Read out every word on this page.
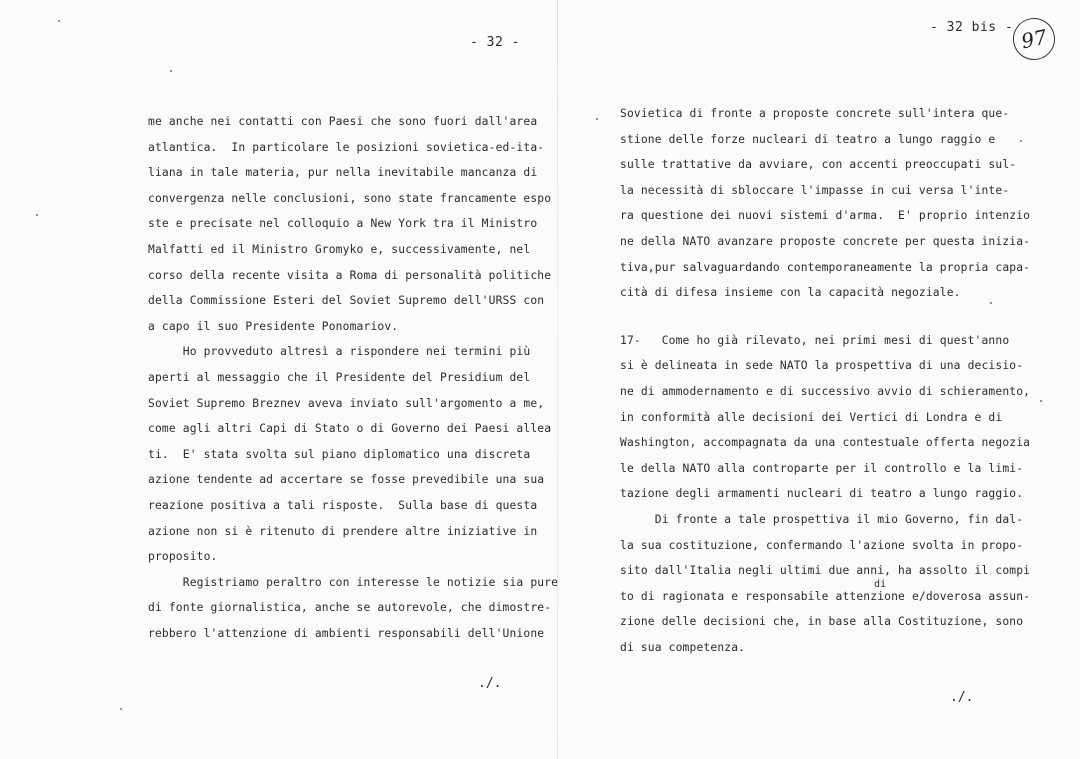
- 32 -
me anche nei contatti con Paesi che sono fuori dall'area
atlantica.  In particolare le posizioni sovietica-ed-ita-
liana in tale materia, pur nella inevitabile mancanza di
convergenza nelle conclusioni, sono state francamente espo
ste e precisate nel colloquio a New York tra il Ministro
Malfatti ed il Ministro Gromyko e, successivamente, nel
corso della recente visita a Roma di personalità politiche
della Commissione Esteri del Soviet Supremo dell'URSS con
a capo il suo Presidente Ponomariov.
Ho provveduto altresì a rispondere nei termini più
aperti al messaggio che il Presidente del Presidium del
Soviet Supremo Breznev aveva inviato sull'argomento a me,
come agli altri Capi di Stato o di Governo dei Paesi allea
ti.  E' stata svolta sul piano diplomatico una discreta
azione tendente ad accertare se fosse prevedibile una sua
reazione positiva a tali risposte.  Sulla base di questa
azione non si è ritenuto di prendere altre iniziative in
proposito.
Registriamo peraltro con interesse le notizie sia pure
di fonte giornalistica, anche se autorevole, che dimostre-
rebbero l'attenzione di ambienti responsabili dell'Unione
./.
- 32 bis - 97
Sovietica di fronte a proposte concrete sull'intera que-
stione delle forze nucleari di teatro a lungo raggio e
sulle trattative da avviare, con accenti preoccupati sul-
la necessità di sbloccare l'impasse in cui versa l'inte-
ra questione dei nuovi sistemi d'arma.  E' proprio intenzio
ne della NATO avanzare proposte concrete per questa inizia-
tiva,pur salvaguardando contemporaneamente la propria capa-
cità di difesa insieme con la capacità negoziale.
17-   Come ho già rilevato, nei primi mesi di quest'anno
si è delineata in sede NATO la prospettiva di una decisio-
ne di ammodernamento e di successivo avvio di schieramento,
in conformità alle decisioni dei Vertici di Londra e di
Washington, accompagnata da una contestuale offerta negozia
le della NATO alla controparte per il controllo e la limi-
tazione degli armamenti nucleari di teatro a lungo raggio.
Di fronte a tale prospettiva il mio Governo, fin dal-
la sua costituzione, confermando l'azione svolta in propo-
sito dall'Italia negli ultimi due anni, ha assolto il compi
di
to di ragionata e responsabile attenzione e/doverosa assun-
zione delle decisioni che, in base alla Costituzione, sono
di sua competenza.
./.
